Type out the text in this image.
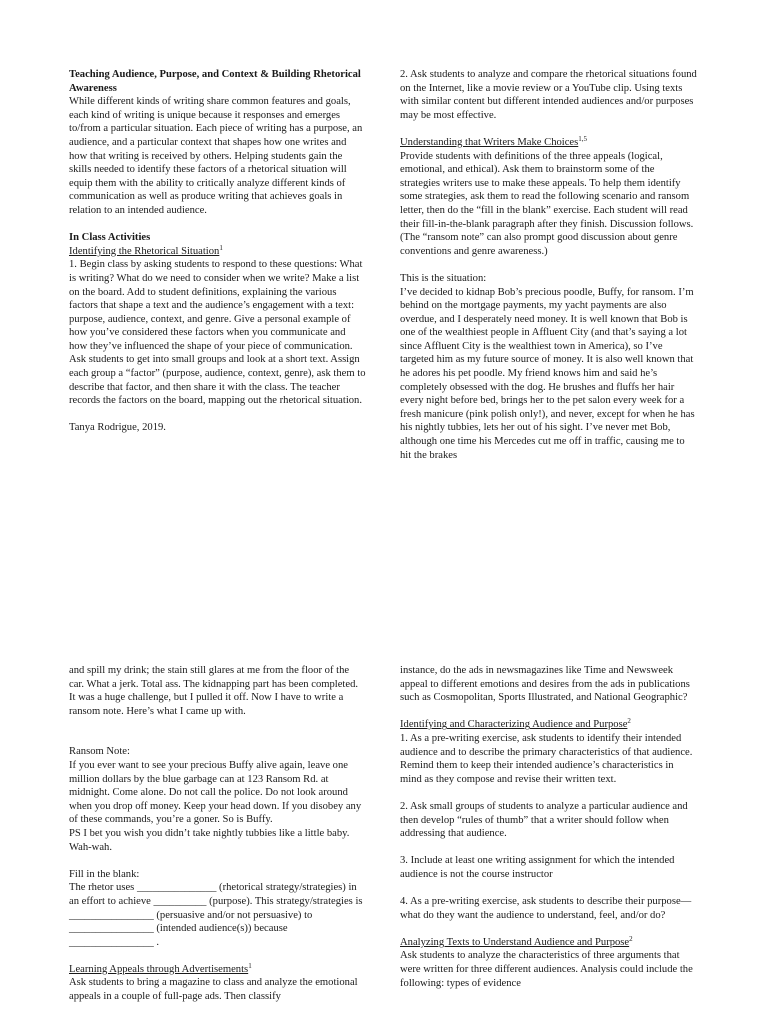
Teaching Audience, Purpose, and Context & Building Rhetorical Awareness

While different kinds of writing share common features and goals, each kind of writing is unique because it responses and emerges to/from a particular situation. Each piece of writing has a purpose, an audience, and a particular context that shapes how one writes and how that writing is received by others. Helping students gain the skills needed to identify these factors of a rhetorical situation will equip them with the ability to critically analyze different kinds of communication as well as produce writing that achieves goals in relation to an intended audience.

In Class Activities

Identifying the Rhetorical Situation$^1$

1. Begin class by asking students to respond to these questions: What is writing? What do we need to consider when we write? Make a list on the board. Add to student definitions, explaining the various factors that shape a text and the audience’s engagement with a text: purpose, audience, context, and genre. Give a personal example of how you’ve considered these factors when you communicate and how they’ve influenced the shape of your piece of communication. Ask students to get into small groups and look at a short text. Assign each group a “factor” (purpose, audience, context, genre), ask them to describe that factor, and then share it with the class. The teacher records the factors on the board, mapping out the rhetorical situation.

Tanya Rodrigue, 2019.

2. Ask students to analyze and compare the rhetorical situations found on the Internet, like a movie review or a YouTube clip. Using texts with similar content but different intended audiences and/or purposes may be most effective.

Understanding that Writers Make Choices$^{1,5}$

Provide students with definitions of the three appeals (logical, emotional, and ethical). Ask them to brainstorm some of the strategies writers use to make these appeals. To help them identify some strategies, ask them to read the following scenario and ransom letter, then do the “fill in the blank” exercise. Each student will read their fill-in-the-blank paragraph after they finish. Discussion follows. (The “ransom note” can also prompt good discussion about genre conventions and genre awareness.)

This is the situation:

I’ve decided to kidnap Bob’s precious poodle, Buffy, for ransom. I’m behind on the mortgage payments, my yacht payments are also overdue, and I desperately need money. It is well known that Bob is one of the wealthiest people in Affluent City (and that’s saying a lot since Affluent City is the wealthiest town in America), so I’ve targeted him as my future source of money. It is also well known that he adores his pet poodle. My friend knows him and said he’s completely obsessed with the dog. He brushes and fluffs her hair every night before bed, brings her to the pet salon every week for a fresh manicure (pink polish only!), and never, except for when he has his nightly tubbies, lets her out of his sight. I’ve never met Bob, although one time his Mercedes cut me off in traffic, causing me to hit the brakes

and spill my drink; the stain still glares at me from the floor of the car. What a jerk. Total ass. The kidnapping part has been completed. It was a huge challenge, but I pulled it off. Now I have to write a ransom note. Here’s what I came up with.

Ransom Note:

If you ever want to see your precious Buffy alive again, leave one million dollars by the blue garbage can at 123 Ransom Rd. at midnight. Come alone. Do not call the police. Do not look around when you drop off money. Keep your head down. If you disobey any of these commands, you’re a goner. So is Buffy.

PS I bet you wish you didn’t take nightly tubbies like a little baby. Wah-wah.

Fill in the blank:

The rhetor uses _______________ (rhetorical strategy/strategies) in an effort to achieve __________ (purpose). This strategy/strategies is ________________ (persuasive and/or not persuasive) to ________________ (intended audience(s)) because ________________ .

Learning Appeals through Advertisements$^1$

Ask students to bring a magazine to class and analyze the emotional appeals in a couple of full-page ads. Then classify

instance, do the ads in newsmagazines like Time and Newsweek appeal to different emotions and desires from the ads in publications such as Cosmopolitan, Sports Illustrated, and National Geographic?

Identifying and Characterizing Audience and Purpose$^2$

1. As a pre-writing exercise, ask students to identify their intended audience and to describe the primary characteristics of that audience. Remind them to keep their intended audience’s characteristics in mind as they compose and revise their written text.

2. Ask small groups of students to analyze a particular audience and then develop “rules of thumb” that a writer should follow when addressing that audience.

3. Include at least one writing assignment for which the intended audience is not the course instructor

4. As a pre-writing exercise, ask students to describe their purpose—what do they want the audience to understand, feel, and/or do?

Analyzing Texts to Understand Audience and Purpose$^2$

Ask students to analyze the characteristics of three arguments that were written for three different audiences. Analysis could include the following: types of evidence
